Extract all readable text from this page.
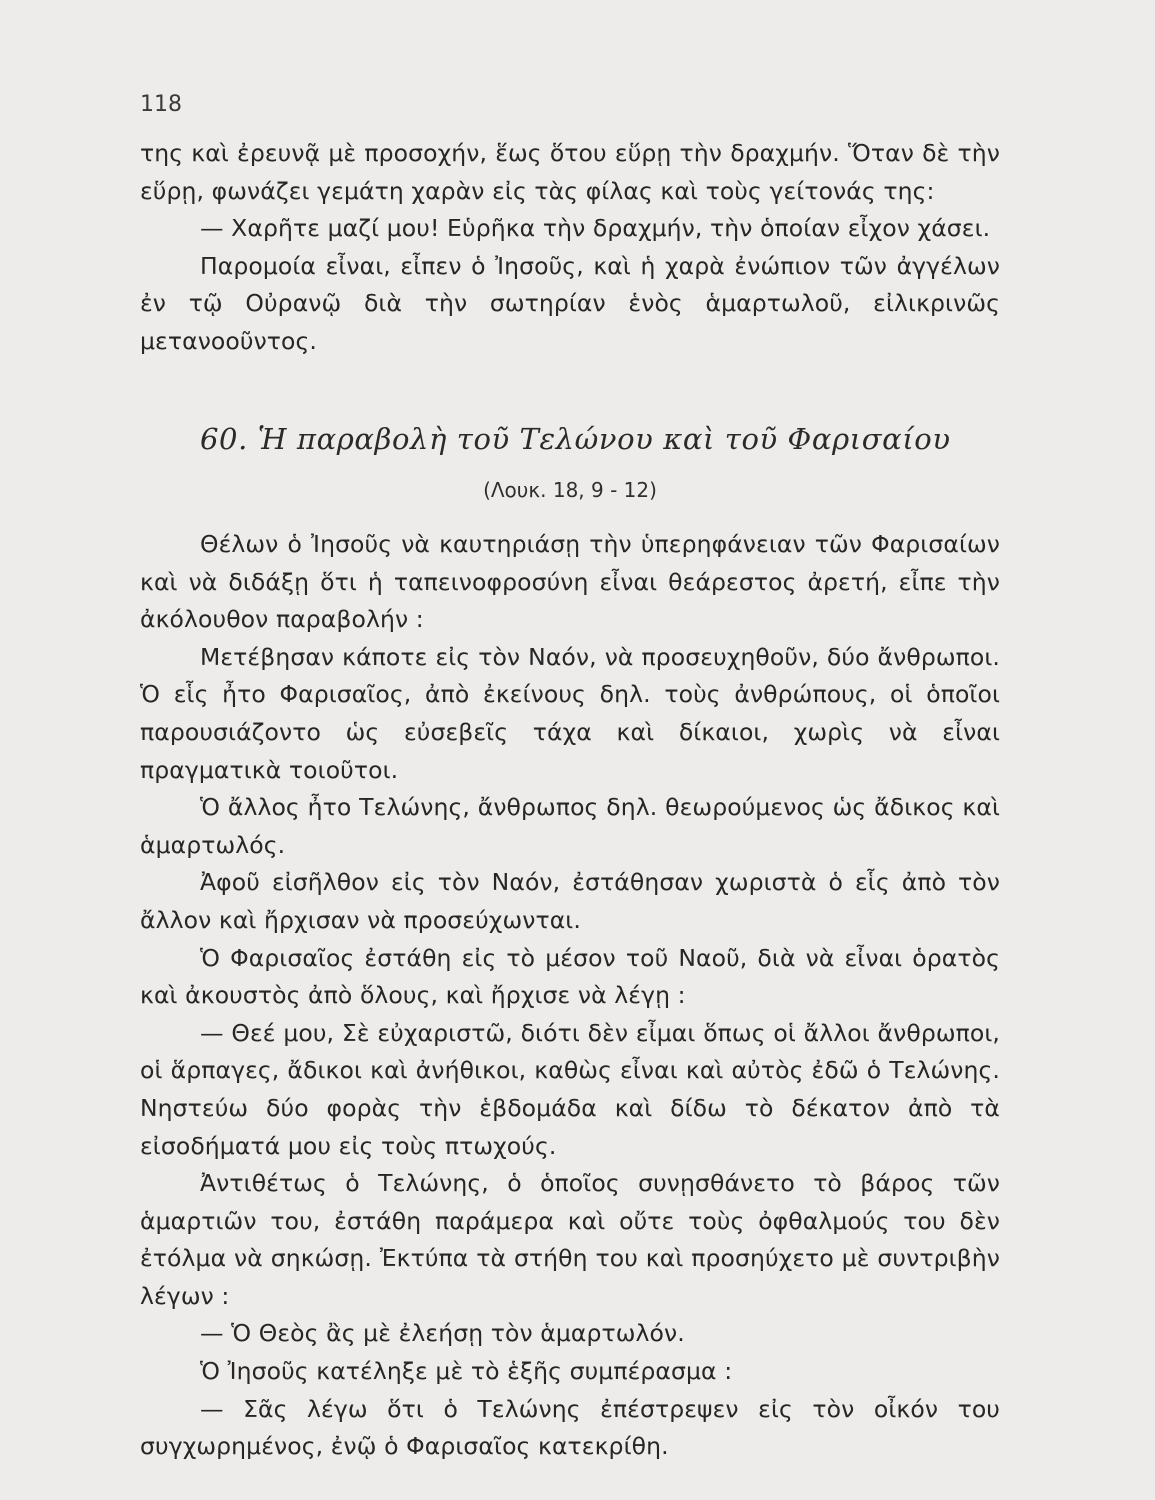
118

της καὶ ἐρευνᾷ μὲ προσοχήν, ἕως ὅτου εὕρῃ τὴν δραχμήν. Ὅταν δὲ τὴν εὕρῃ, φωνάζει γεμάτη χαρὰν εἰς τὰς φίλας καὶ τοὺς γείτονάς της:

— Χαρῆτε μαζί μου! Εὑρῆκα τὴν δραχμήν, τὴν ὁποίαν εἶχον χάσει.

Παρομοία εἶναι, εἶπεν ὁ Ἰησοῦς, καὶ ἡ χαρὰ ἐνώπιον τῶν ἀγγέλων ἐν τῷ Οὐρανῷ διὰ τὴν σωτηρίαν ἑνὸς ἁμαρτωλοῦ, εἰλικρινῶς μετανοοῦντος.

60. Ἡ παραβολὴ τοῦ Τελώνου καὶ τοῦ Φαρισαίου
(Λουκ. 18, 9 - 12)

Θέλων ὁ Ἰησοῦς νὰ καυτηριάσῃ τὴν ὑπερηφάνειαν τῶν Φαρισαίων καὶ νὰ διδάξῃ ὅτι ἡ ταπεινοφροσύνη εἶναι θεάρεστος ἀρετή, εἶπε τὴν ἀκόλουθον παραβολήν :

Μετέβησαν κάποτε εἰς τὸν Ναόν, νὰ προσευχηθοῦν, δύο ἄνθρωποι. Ὁ εἷς ἦτο Φαρισαῖος, ἀπὸ ἐκείνους δηλ. τοὺς ἀνθρώπους, οἱ ὁποῖοι παρουσιάζοντο ὡς εὐσεβεῖς τάχα καὶ δίκαιοι, χωρὶς νὰ εἶναι πραγματικὰ τοιοῦτοι.

Ὁ ἄλλος ἦτο Τελώνης, ἄνθρωπος δηλ. θεωρούμενος ὡς ἄδικος καὶ ἁμαρτωλός.

Ἀφοῦ εἰσῆλθον εἰς τὸν Ναόν, ἐστάθησαν χωριστὰ ὁ εἷς ἀπὸ τὸν ἄλλον καὶ ἤρχισαν νὰ προσεύχωνται.

Ὁ Φαρισαῖος ἐστάθη εἰς τὸ μέσον τοῦ Ναοῦ, διὰ νὰ εἶναι ὁρατὸς καὶ ἀκουστὸς ἀπὸ ὅλους, καὶ ἤρχισε νὰ λέγῃ :

— Θεέ μου, Σὲ εὐχαριστῶ, διότι δὲν εἶμαι ὅπως οἱ ἄλλοι ἄνθρωποι, οἱ ἅρπαγες, ἄδικοι καὶ ἀνήθικοι, καθὼς εἶναι καὶ αὐτὸς ἐδῶ ὁ Τελώνης. Νηστεύω δύο φορὰς τὴν ἑβδομάδα καὶ δίδω τὸ δέκατον ἀπὸ τὰ εἰσοδήματά μου εἰς τοὺς πτωχούς.

Ἀντιθέτως ὁ Τελώνης, ὁ ὁποῖος συνῃσθάνετο τὸ βάρος τῶν ἁμαρτιῶν του, ἐστάθη παράμερα καὶ οὔτε τοὺς ὀφθαλμούς του δὲν ἐτόλμα νὰ σηκώσῃ. Ἐκτύπα τὰ στήθη του καὶ προσηύχετο μὲ συντριβὴν λέγων :

— Ὁ Θεὸς ἂς μὲ ἐλεήσῃ τὸν ἁμαρτωλόν.

Ὁ Ἰησοῦς κατέληξε μὲ τὸ ἑξῆς συμπέρασμα :

— Σᾶς λέγω ὅτι ὁ Τελώνης ἐπέστρεψεν εἰς τὸν οἶκόν του συγχωρημένος, ἐνῷ ὁ Φαρισαῖος κατεκρίθη.
